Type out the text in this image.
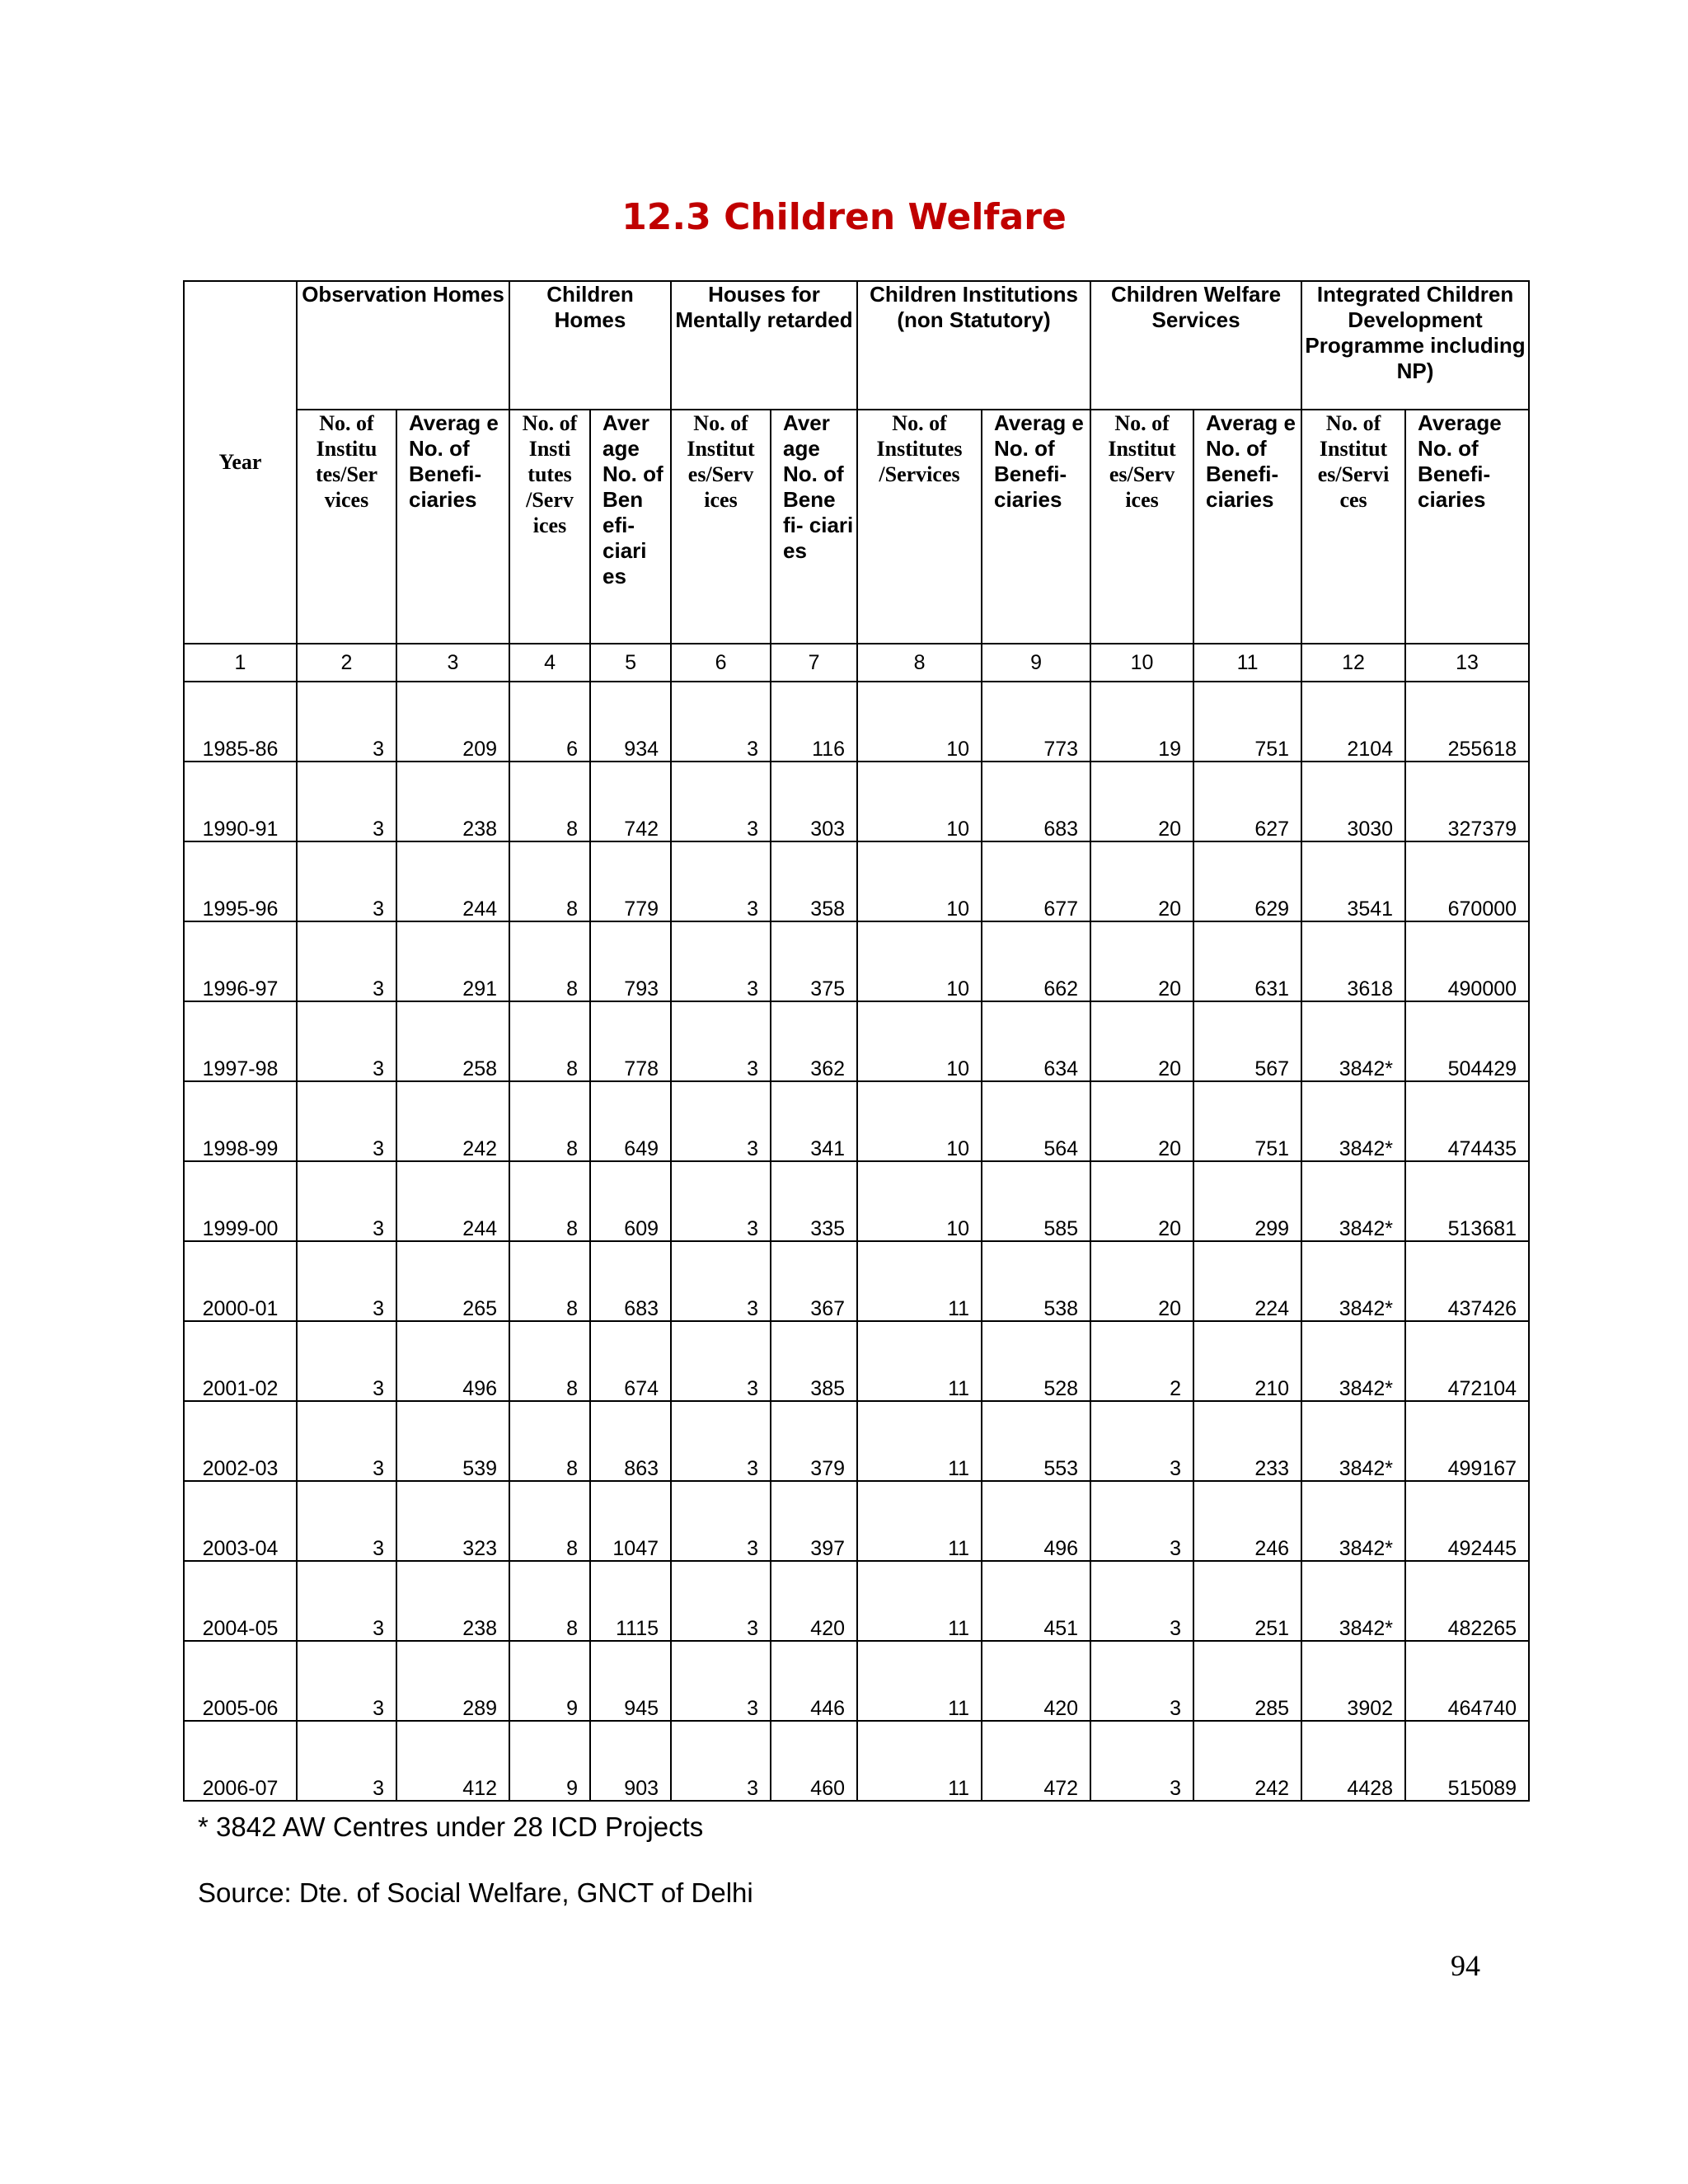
12.3 Children Welfare
Year	Observation Homes		Children Homes		Houses for Mentally retarded		Children Institutions (non Statutory)		Children Welfare Services		Integrated Children Development Programme including NP)	
	No. of Institu tes/Ser vices	Averag e No. of Benefi- ciaries	No. of Insti tutes /Serv ices	Aver age No. of Ben efi- ciari es	No. of Institut es/Serv ices	Aver age No. of Bene fi- ciari es	No. of Institutes /Services	Averag e No. of Benefi- ciaries	No. of Institut es/Serv ices	Averag e No. of Benefi- ciaries	No. of Institut es/Servi ces	Average No. of Benefi- ciaries
1	2	3	4	5	6	7	8	9	10	11	12	13
1985-86	3	209	6	934	3	116	10	773	19	751	2104	255618
1990-91	3	238	8	742	3	303	10	683	20	627	3030	327379
1995-96	3	244	8	779	3	358	10	677	20	629	3541	670000
1996-97	3	291	8	793	3	375	10	662	20	631	3618	490000
1997-98	3	258	8	778	3	362	10	634	20	567	3842*	504429
1998-99	3	242	8	649	3	341	10	564	20	751	3842*	474435
1999-00	3	244	8	609	3	335	10	585	20	299	3842*	513681
2000-01	3	265	8	683	3	367	11	538	20	224	3842*	437426
2001-02	3	496	8	674	3	385	11	528	2	210	3842*	472104
2002-03	3	539	8	863	3	379	11	553	3	233	3842*	499167
2003-04	3	323	8	1047	3	397	11	496	3	246	3842*	492445
2004-05	3	238	8	1115	3	420	11	451	3	251	3842*	482265
2005-06	3	289	9	945	3	446	11	420	3	285	3902	464740
2006-07	3	412	9	903	3	460	11	472	3	242	4428	515089
* 3842 AW Centres under 28 ICD Projects
Source: Dte. of Social Welfare, GNCT of Delhi
94
